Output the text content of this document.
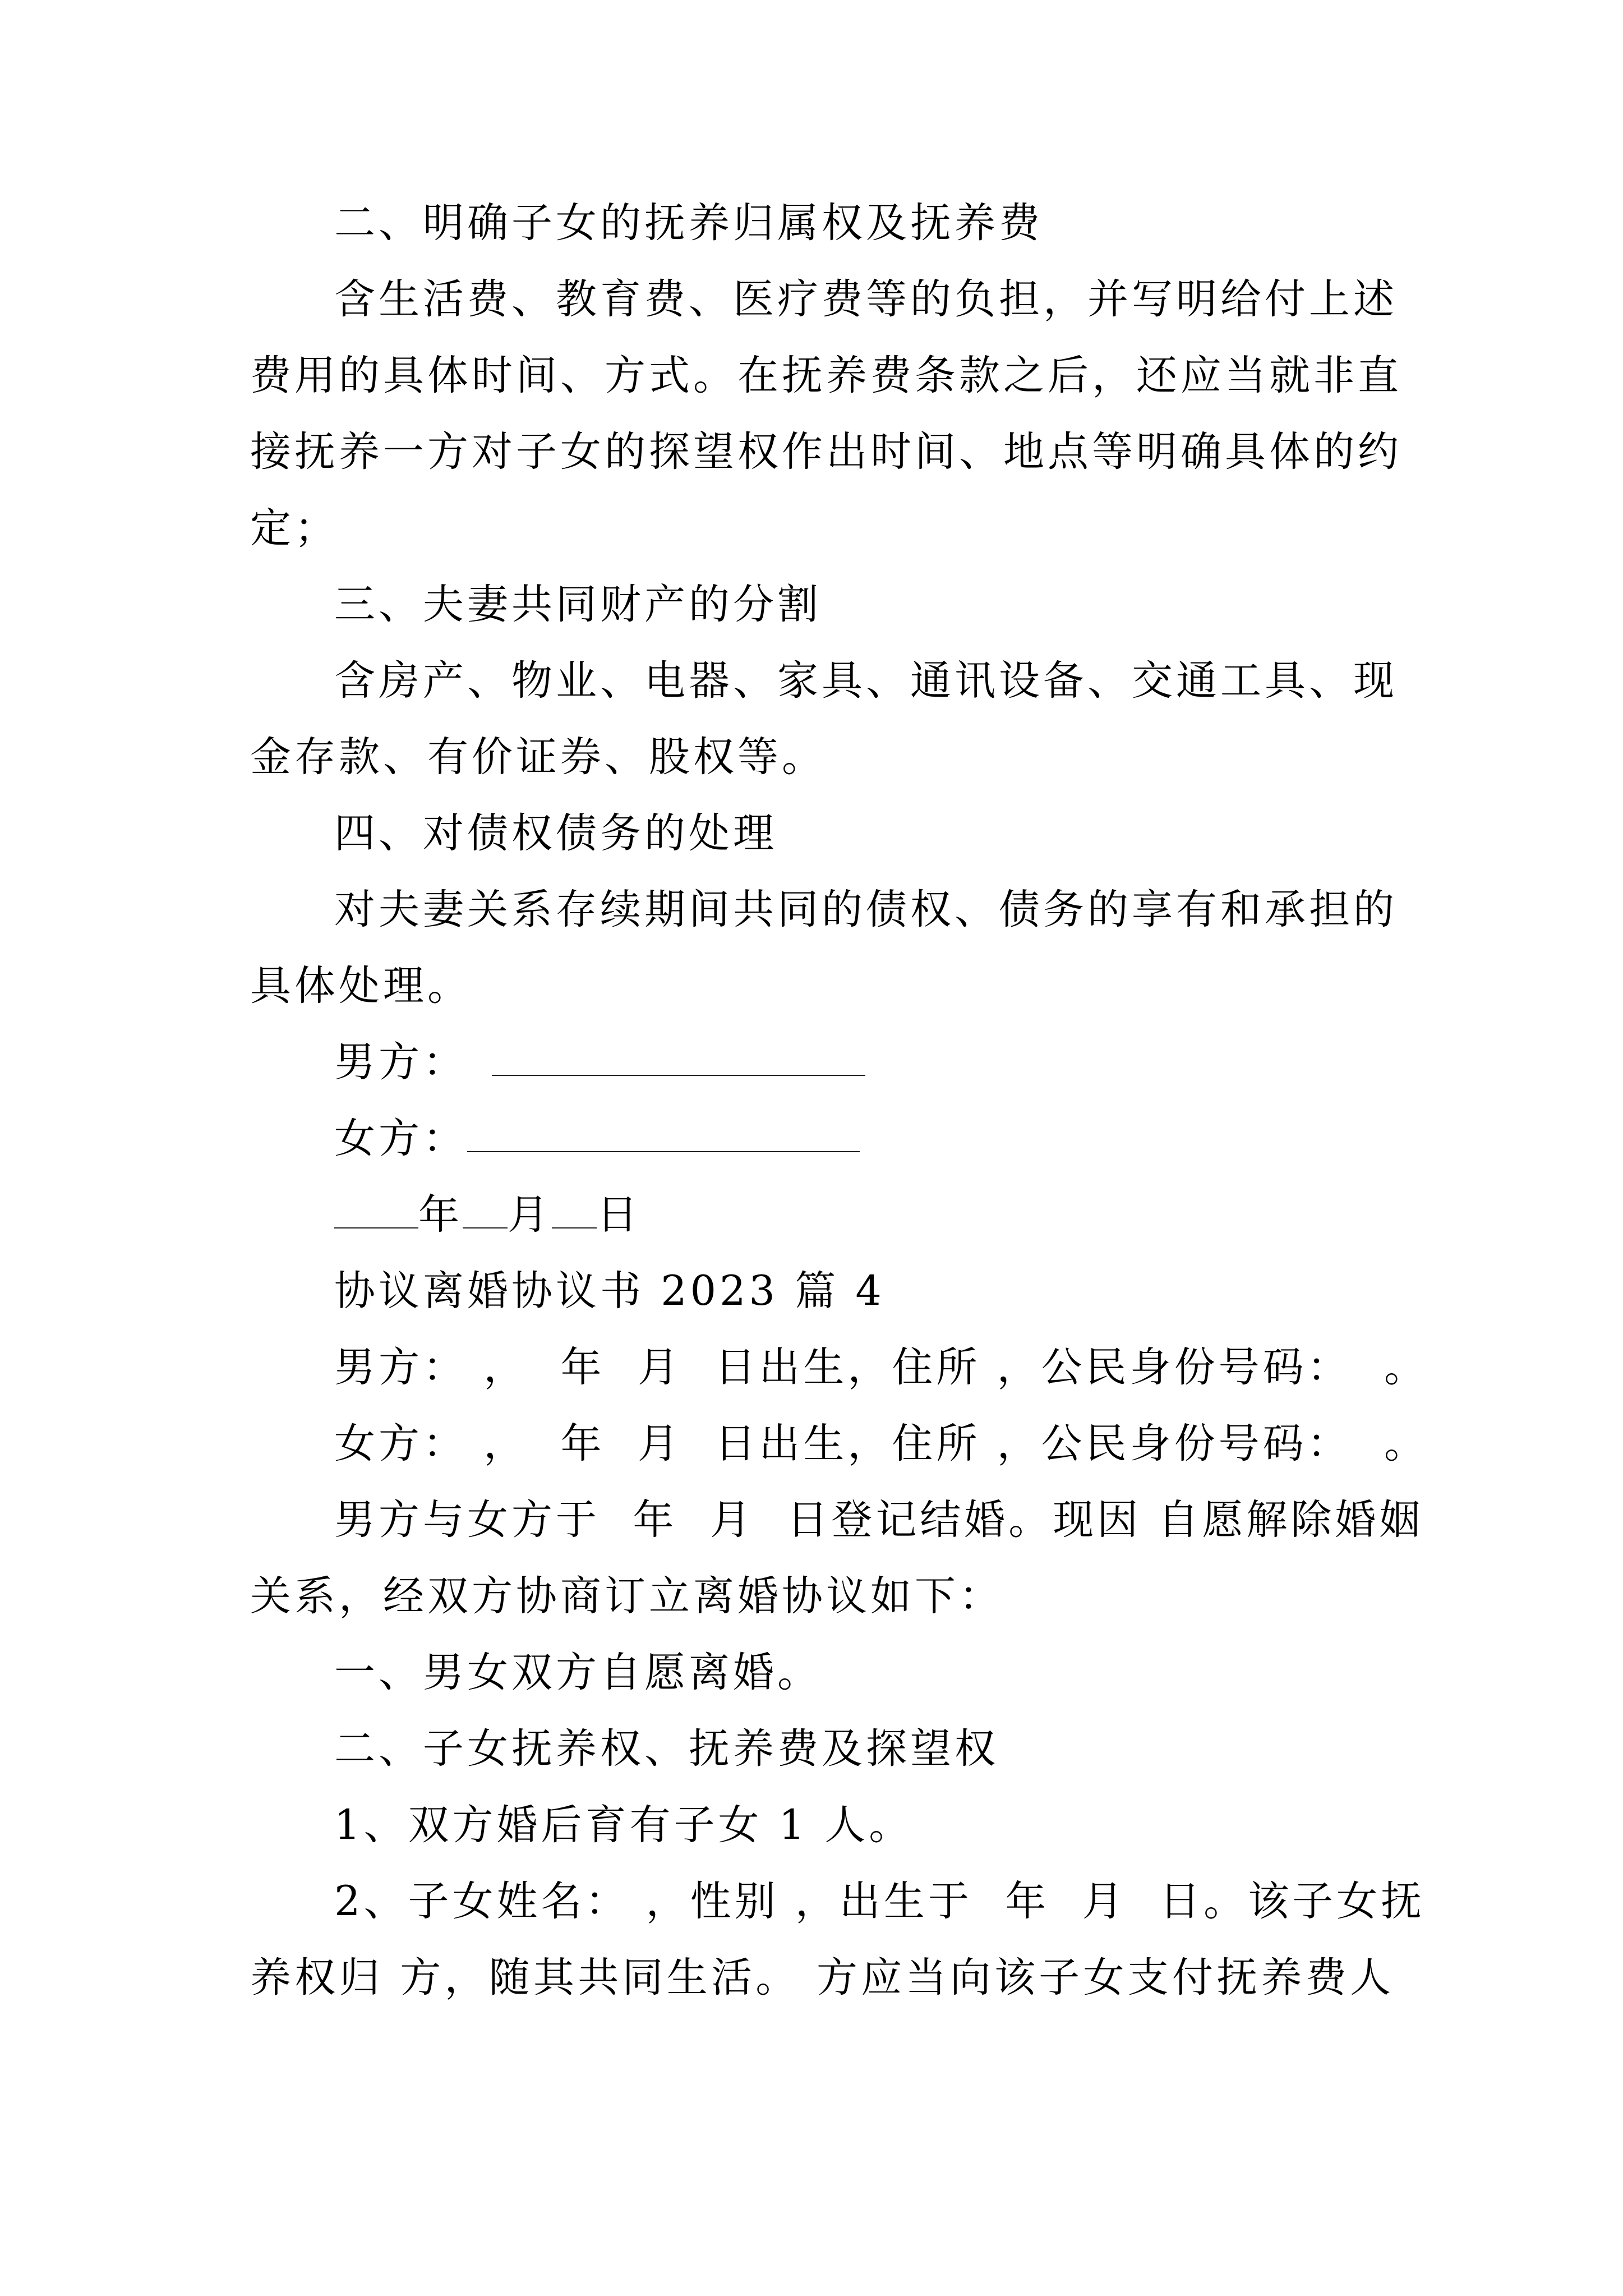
二、明确子女的抚养归属权及抚养费

含生活费、教育费、医疗费等的负担，并写明给付上述

费用的具体时间、方式。在抚养费条款之后，还应当就非直

接抚养一方对子女的探望权作出时间、地点等明确具体的约

定；

三、夫妻共同财产的分割

含房产、物业、电器、家具、通讯设备、交通工具、现

金存款、有价证券、股权等。

四、对债权债务的处理

对夫妻关系存续期间共同的债权、债务的享有和承担的

具体处理。

男方：

女方：

年 月 日

协议离婚协议书 2023 篇 4

男方： ，  年  月  日出生，住所 ，公民身份号码：  。

女方： ，  年  月  日出生，住所 ，公民身份号码：  。

男方与女方于  年  月  日登记结婚。现因 自愿解除婚姻

关系，经双方协商订立离婚协议如下：

一、男女双方自愿离婚。

二、子女抚养权、抚养费及探望权

1、双方婚后育有子女 1 人。

2、子女姓名： ，性别 ，出生于  年  月  日。该子女抚

养权归 方，随其共同生活。 方应当向该子女支付抚养费人
